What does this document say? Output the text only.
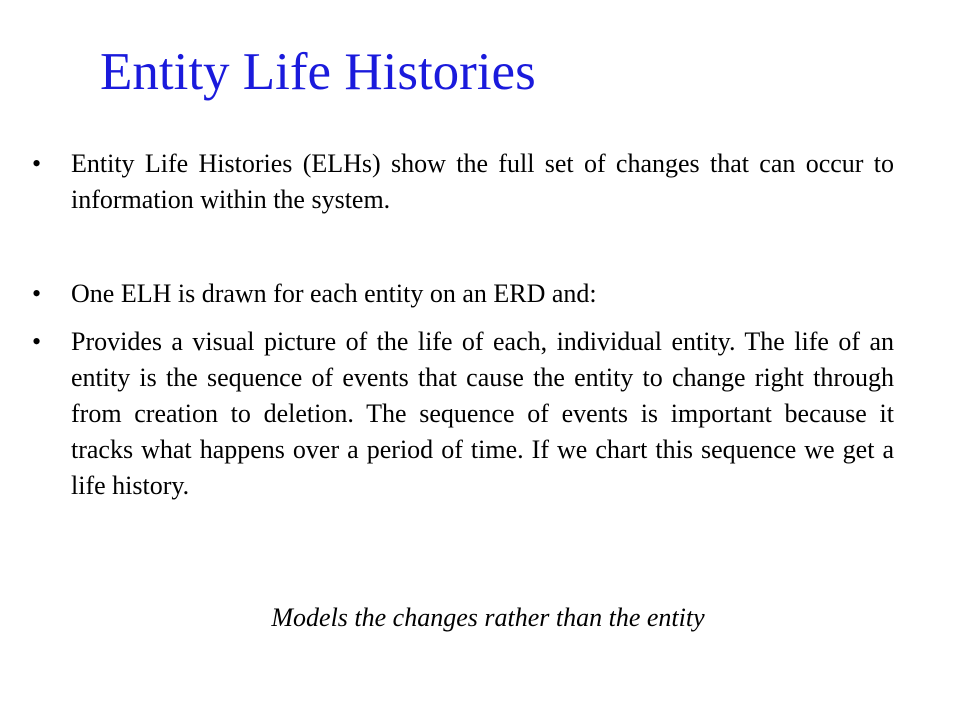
Entity Life Histories
•	Entity Life Histories (ELHs) show the full set of changes that can occur to information within the system.
•	One ELH is drawn for each entity on an ERD and:
•	Provides a visual picture of the life of each, individual entity. The life of an entity is the sequence of events that cause the entity to change right through from creation to deletion. The sequence of events is important because it tracks what happens over a period of time. If we chart this sequence we get a life history.

Models the changes rather than the entity
